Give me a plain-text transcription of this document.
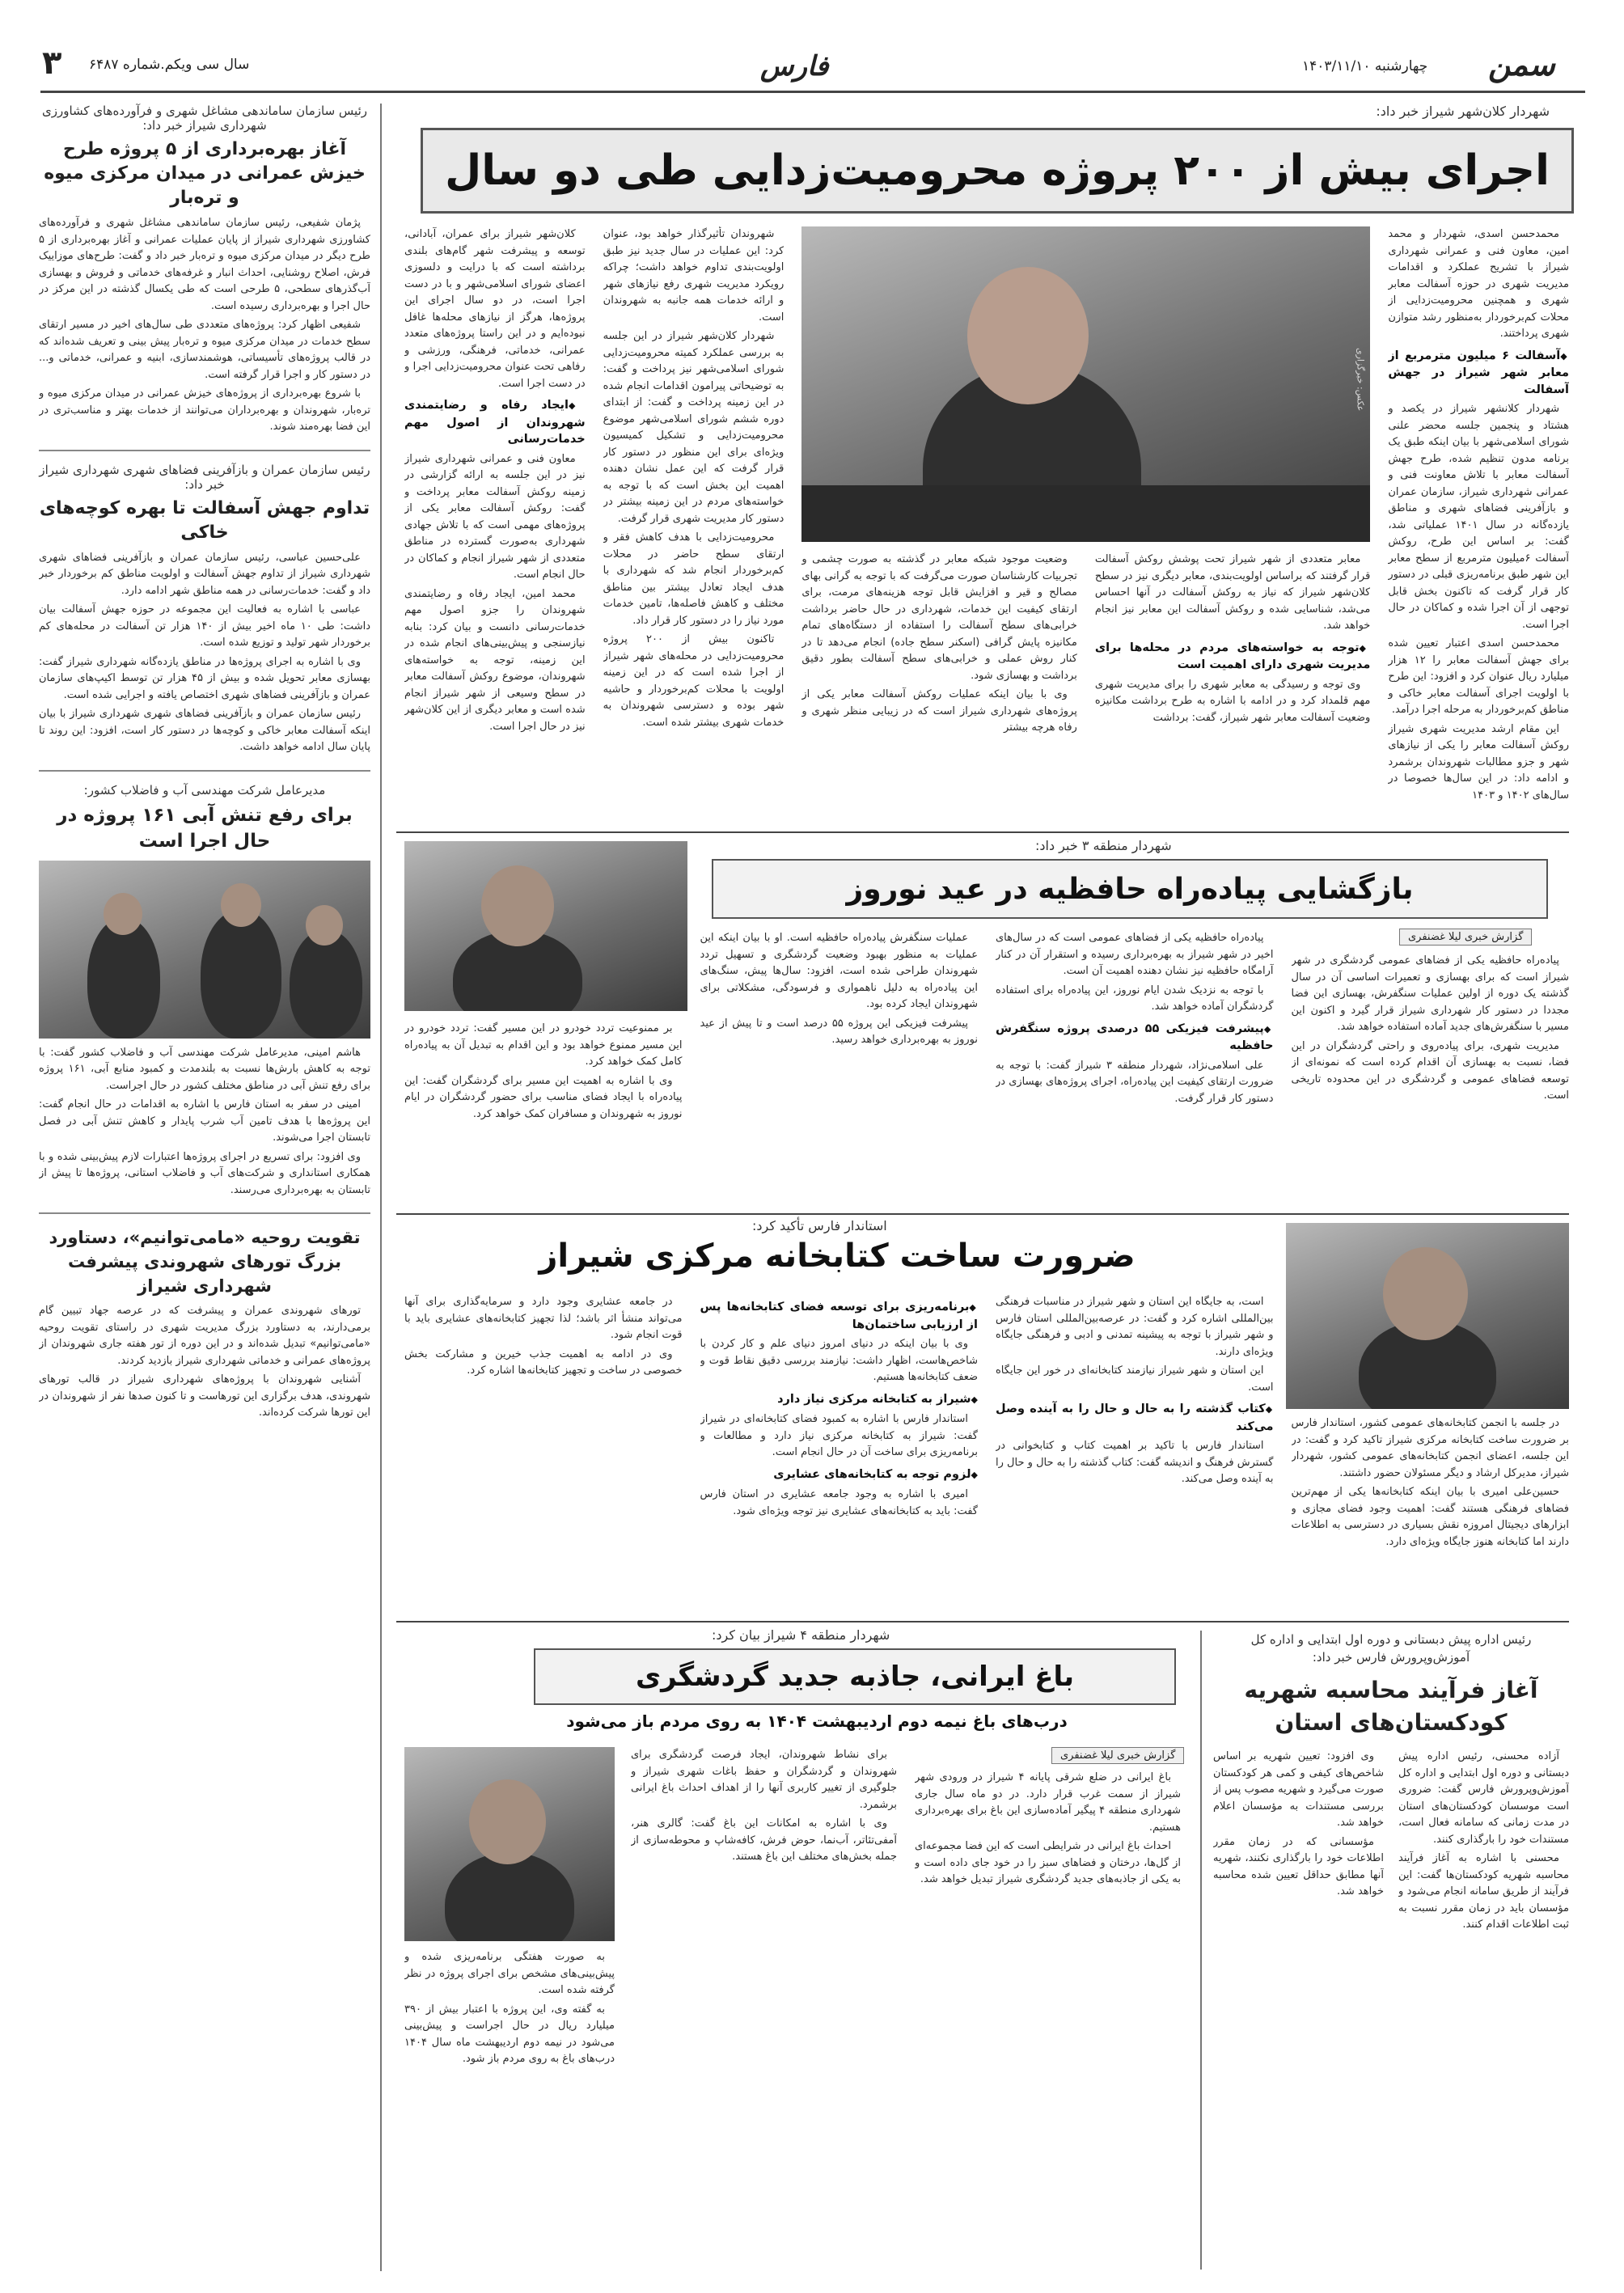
۳ سال سی ویکم.شماره ۶۴۸۷	فارس	سمن
چهارشنبه ۱۴۰۳/۱۱/۱۰
رئیس سازمان ساماندهی مشاغل شهری و فرآورده‌های کشاورزی شهرداری شیراز خبر داد:
آغاز بهره‌برداری از ۵ پروژه طرح خیزش عمرانی در میدان مرکزی میوه و تره‌بار

پژمان شفیعی، رئیس سازمان ساماندهی مشاغل شهری و فرآورده‌های کشاورزی شهرداری شیراز از پایان عملیات عمرانی و آغاز بهره‌برداری از ۵ طرح دیگر در میدان مرکزی میوه و تره‌بار خبر داد و گفت: طرح‌های موزاییک فرش، اصلاح روشنایی، احداث انبار و غرفه‌های خدماتی و فروش و بهسازی آب‌گذرهای سطحی، ۵ طرحی است که طی یکسال گذشته در این مرکز در حال اجرا و بهره‌برداری رسیده است.

شفیعی اظهار کرد: پروژه‌های متعددی طی سال‌های اخیر در مسیر ارتقای سطح خدمات در میدان مرکزی میوه و تره‌بار پیش بینی و تعریف شده‌اند که در قالب پروژه‌های تأسیساتی، هوشمندسازی، ابنیه و عمرانی، خدماتی و... در دستور کار و اجرا قرار گرفته است.

با شروع بهره‌برداری از پروژه‌های خیزش عمرانی در میدان مرکزی میوه و تره‌بار، شهروندان و بهره‌برداران می‌توانند از خدمات بهتر و مناسب‌تری در این فضا بهره‌مند شوند.

رئیس سازمان عمران و بازآفرینی فضاهای شهری شهرداری شیراز خبر داد:
تداوم جهش آسفالت تا بهره کوچه‌های خاکی

علی‌حسین عباسی، رئیس سازمان عمران و بازآفرینی فضاهای شهری شهرداری شیراز از تداوم جهش آسفالت و اولویت مناطق کم برخوردار خبر داد و گفت: خدمات‌رسانی در همه مناطق شهر ادامه دارد.

عباسی با اشاره به فعالیت این مجموعه در حوزه جهش آسفالت بیان داشت: طی ۱۰ ماه اخیر بیش از ۱۴۰ هزار تن آسفالت در محله‌های کم برخوردار شهر تولید و توزیع شده است.

وی با اشاره به اجرای پروژه‌ها در مناطق یازده‌گانه شهرداری شیراز گفت: بهسازی معابر تحویل شده و بیش از ۴۵ هزار تن توسط اکیپ‌های سازمان عمران و بازآفرینی فضاهای شهری اختصاص یافته و اجرایی شده است.

رئیس سازمان عمران و بازآفرینی فضاهای شهری شهرداری شیراز با بیان اینکه آسفالت معابر خاکی و کوچه‌ها در دستور کار است، افزود: این روند تا پایان سال ادامه خواهد داشت.

مدیرعامل شرکت مهندسی آب و فاضلاب کشور:
برای رفع تنش آبی ۱۶۱ پروژه در حال اجرا است

هاشم امینی، مدیرعامل شرکت مهندسی آب و فاضلاب کشور گفت: با توجه به کاهش بارش‌ها نسبت به بلندمدت و کمبود منابع آبی، ۱۶۱ پروژه برای رفع تنش آبی در مناطق مختلف کشور در حال اجراست.

امینی در سفر به استان فارس با اشاره به اقدامات در حال انجام گفت: این پروژه‌ها با هدف تامین آب شرب پایدار و کاهش تنش آبی در فصل تابستان اجرا می‌شوند.

وی افزود: برای تسریع در اجرای پروژه‌ها اعتبارات لازم پیش‌بینی شده و با همکاری استانداری و شرکت‌های آب و فاضلاب استانی، پروژه‌ها تا پیش از تابستان به بهره‌برداری می‌رسند.

تقویت روحیه «مامی‌توانیم»، دستاورد بزرگ تورهای شهروندی پیشرفت شهرداری شیراز

تورهای شهروندی عمران و پیشرفت که در عرصه جهاد تبیین گام برمی‌دارند، به دستاورد بزرگ مدیریت شهری در راستای تقویت روحیه «مامی‌توانیم» تبدیل شده‌اند و در این دوره از تور هفته جاری شهروندان از پروژه‌های عمرانی و خدماتی شهرداری شیراز بازدید کردند.

آشنایی شهروندان با پروژه‌های شهرداری شیراز در قالب تورهای شهروندی، هدف برگزاری این تورهاست و تا کنون صدها نفر از شهروندان در این تورها شرکت کرده‌اند.

شهردار کلان‌شهر شیراز خبر داد:
اجرای بیش از ۲۰۰ پروژه محرومیت‌زدایی طی دو سال

محمدحسن اسدی، شهردار و محمد امین، معاون فنی و عمرانی شهرداری شیراز با تشریح عملکرد و اقدامات مدیریت شهری در حوزه آسفالت معابر شهری و همچنین محرومیت‌زدایی از محلات کم‌برخوردار به‌منظور رشد متوازن شهری پرداختند.

◆ آسفالت ۶ میلیون مترمربع از معابر شهر شیراز در جهش آسفالت

شهردار کلانشهر شیراز در یکصد و هشتاد و پنجمین جلسه محضر علنی شورای اسلامی‌شهر با بیان اینکه طبق یک برنامه مدون تنظیم شده، طرح جهش آسفالت معابر با تلاش معاونت فنی و عمرانی شهرداری شیراز، سازمان عمران و بازآفرینی فضاهای شهری و مناطق یازده‌گانه در سال ۱۴۰۱ عملیاتی شد، گفت: بر اساس این طرح، روکش آسفالت ۶میلیون مترمربع از سطح معابر این شهر طبق برنامه‌ریزی قبلی در دستور کار قرار گرفت که تاکنون بخش قابل توجهی از آن اجرا شده و کماکان در حال اجرا است.

محمدحسن اسدی اعتبار تعیین شده برای جهش آسفالت معابر را ۱۲ هزار میلیارد ریال عنوان کرد و افزود: این طرح با اولویت اجرای آسفالت معابر خاکی و مناطق کم‌برخوردار به مرحله اجرا درآمد.

این مقام ارشد مدیریت شهری شیراز روکش آسفالت معابر را یکی از نیازهای شهر و جزو مطالبات شهروندان برشمرد و ادامه داد: در این سال‌ها خصوصا در سال‌های ۱۴۰۲ و ۱۴۰۳

عکس: خبرگزاری

معابر متعددی از شهر شیراز تحت پوشش روکش آسفالت قرار گرفتند که براساس اولویت‌بندی، معابر دیگری نیز در سطح کلان‌شهر شیراز که نیاز به روکش آسفالت در آنها احساس می‌شد، شناسایی شده و روکش آسفالت این معابر نیز انجام خواهد شد.

◆ توجه به خواسته‌های مردم در محله‌ها برای مدیریت شهری دارای اهمیت است

وی توجه و رسیدگی به معابر شهری را برای مدیریت شهری مهم قلمداد کرد و در ادامه با اشاره به طرح برداشت مکانیزه وضعیت آسفالت معابر شهر شیراز، گفت: برداشت

وضعیت موجود شبکه معابر در گذشته به صورت چشمی و تجربیات کارشناسان صورت می‌گرفت که با توجه به گرانی بهای مصالح و قیر و افزایش قابل توجه هزینه‌های مرمت، برای ارتقای کیفیت این خدمات، شهرداری در حال حاضر برداشت خرابی‌های سطح آسفالت را استفاده از دستگاه‌های تمام مکانیزه پایش گرافی (اسکنر سطح جاده) انجام می‌دهد تا در کنار روش عملی و خرابی‌های سطح آسفالت بطور دقیق برداشت و بهسازی شود.

وی با بیان اینکه عملیات روکش آسفالت معابر یکی از پروژه‌های شهرداری شیراز است که در زیبایی منظر شهری و رفاه هرچه بیشتر

شهروندان تأثیرگذار خواهد بود، عنوان کرد: این عملیات در سال جدید نیز طبق اولویت‌بندی تداوم خواهد داشت؛ چراکه رویکرد مدیریت شهری رفع نیازهای شهر و ارائه خدمات همه جانبه به شهروندان است.

شهردار کلان‌شهر شیراز در این جلسه به بررسی عملکرد کمیته محرومیت‌زدایی شورای اسلامی‌شهر نیز پرداخت و گفت: به توضیحاتی پیرامون اقدامات انجام شده در این زمینه پرداخت و گفت: از ابتدای دوره ششم شورای اسلامی‌شهر موضوع محرومیت‌زدایی و تشکیل کمیسیون ویژه‌ای برای این منظور در دستور کار قرار گرفت که این عمل نشان دهنده اهمیت این بخش است که با توجه به خواسته‌های مردم در این زمینه بیشتر در دستور کار مدیریت شهری قرار گرفت.

محرومیت‌زدایی با هدف کاهش فقر و ارتقای سطح حاضر در محلات کم‌برخوردار انجام شد که شهرداری با هدف ایجاد تعادل بیشتر بین مناطق مختلف و کاهش فاصله‌ها، تامین خدمات مورد نیاز را در دستور کار قرار داد.

تاکنون بیش از ۲۰۰ پروژه محرومیت‌زدایی در محله‌های شهر شیراز از اجرا شده است که در این زمینه اولویت با محلات کم‌برخوردار و حاشیه شهر بوده و دسترسی شهروندان به خدمات شهری بیشتر شده است.

کلان‌شهر شیراز برای عمران، آبادانی، توسعه و پیشرفت شهر گام‌های بلندی برداشته است که با درایت و دلسوزی اعضای شورای اسلامی‌شهر و با در دست اجرا است، در دو سال اجرای این پروژه‌ها، هرگز از نیازهای محله‌ها غافل نبوده‌ایم و در این راستا پروژه‌های متعدد عمرانی، خدماتی، فرهنگی، ورزشی و رفاهی تحت عنوان محرومیت‌زدایی اجرا و در دست اجرا است.

◆ ایجاد رفاه و رضایتمندی شهروندان از اصول مهم خدمات‌رسانی

معاون فنی و عمرانی شهرداری شیراز نیز در این جلسه به ارائه گزارشی در زمینه روکش آسفالت معابر پرداخت و گفت: روکش آسفالت معابر یکی از پروژه‌های مهمی است که با تلاش جهادی شهرداری به‌صورت گسترده در مناطق متعددی از شهر شیراز انجام و کماکان در حال انجام است.

محمد امین، ایجاد رفاه و رضایتمندی شهروندان را جزو اصول مهم خدمات‌رسانی دانست و بیان کرد: بنابه نیازسنجی و پیش‌بینی‌های انجام شده در این زمینه، توجه به خواسته‌های شهروندان، موضوع روکش آسفالت معابر در سطح وسیعی از شهر شیراز انجام شده است و معابر دیگری از این کلان‌شهر نیز در حال اجرا است.

شهردار منطقه ۳ خبر داد:
بازگشایی پیاده‌راه حافظیه در عید نوروز
گزارش خبری لیلا غضنفری

پیاده‌راه حافظیه یکی از فضاهای عمومی گردشگری در شهر شیراز است که برای بهسازی و تعمیرات اساسی آن در سال گذشته یک دوره از اولین عملیات سنگفرش، بهسازی این فضا مجددا در دستور کار شهرداری شیراز قرار گیرد و اکنون این مسیر با سنگفرش‌های جدید آماده استفاده خواهد شد.

مدیریت شهری، برای پیاده‌روی و راحتی گردشگران در این فضا، نسبت به بهسازی آن اقدام کرده است که نمونه‌ای از توسعه فضاهای عمومی و گردشگری در این محدوده تاریخی است.

پیاده‌راه حافظیه یکی از فضاهای عمومی است که در سال‌های اخیر در شهر شیراز به بهره‌برداری رسیده و استقرار آن در کنار آرامگاه حافظیه نیز نشان دهنده اهمیت آن است.

با توجه به نزدیک شدن ایام نوروز، این پیاده‌راه برای استفاده گردشگران آماده خواهد شد.

◆ پیشرفت فیزیکی ۵۵ درصدی پروژه سنگفرش حافظیه

علی اسلامی‌نژاد، شهردار منطقه ۳ شیراز گفت: با توجه به ضرورت ارتقای کیفیت این پیاده‌راه، اجرای پروژه‌های بهسازی در دستور کار قرار گرفت.

عملیات سنگفرش پیاده‌راه حافظیه است. او با بیان اینکه این عملیات به منظور بهبود وضعیت گردشگری و تسهیل تردد شهروندان طراحی شده است، افزود: سال‌ها پیش، سنگ‌های این پیاده‌راه به دلیل ناهمواری و فرسودگی، مشکلاتی برای شهروندان ایجاد کرده بود.

پیشرفت فیزیکی این پروژه ۵۵ درصد است و تا پیش از عید نوروز به بهره‌برداری خواهد رسید.

بر ممنوعیت تردد خودرو در این مسیر گفت: تردد خودرو در این مسیر ممنوع خواهد بود و این اقدام به تبدیل آن به پیاده‌راه کامل کمک خواهد کرد.

وی با اشاره به اهمیت این مسیر برای گردشگران گفت: این پیاده‌راه با ایجاد فضای مناسب برای حضور گردشگران در ایام نوروز به شهروندان و مسافران کمک خواهد کرد.

استاندار فارس تأکید کرد:
ضرورت ساخت کتابخانه مرکزی شیراز

در جلسه با انجمن کتابخانه‌های عمومی کشور، استاندار فارس بر ضرورت ساخت کتابخانه مرکزی شیراز تاکید کرد و گفت: در این جلسه، اعضای انجمن کتابخانه‌های عمومی کشور، شهردار شیراز، مدیرکل ارشاد و دیگر مسئولان حضور داشتند.

حسین‌علی امیری با بیان اینکه کتابخانه‌ها یکی از مهم‌ترین فضاهای فرهنگی هستند گفت: اهمیت وجود فضای مجازی و ابزارهای دیجیتال امروزه نقش بسیاری در دسترسی به اطلاعات دارند اما کتابخانه هنوز جایگاه ویژه‌ای دارد.

است، به جایگاه این استان و شهر شیراز در مناسبات فرهنگی بین‌المللی اشاره کرد و گفت: در عرصه‌بین‌المللی استان فارس و شهر شیراز با توجه به پیشینه تمدنی و ادبی و فرهنگی جایگاه ویژه‌ای دارند.

این استان و شهر شیراز نیازمند کتابخانه‌ای در خور این جایگاه است.

◆ کتاب گذشته را به حال و حال را به آینده وصل می‌کند

استاندار فارس با تاکید بر اهمیت کتاب و کتابخوانی در گسترش فرهنگ و اندیشه گفت: کتاب گذشته را به حال و حال را به آینده وصل می‌کند.

◆ برنامه‌ریزی برای توسعه فضای کتابخانه‌ها پس از ارزیابی ساختمان‌ها

وی با بیان اینکه در دنیای امروز دنیای علم و کار کردن با شاخص‌هاست، اظهار داشت: نیازمند بررسی دقیق نقاط قوت و ضعف کتابخانه‌ها هستیم.

◆ شیراز به کتابخانه مرکزی نیاز دارد

استاندار فارس با اشاره به کمبود فضای کتابخانه‌ای در شیراز گفت: شیراز به کتابخانه مرکزی نیاز دارد و مطالعات و برنامه‌ریزی برای ساخت آن در حال انجام است.

◆ لزوم توجه به کتابخانه‌های عشایری

امیری با اشاره به وجود جامعه عشایری در استان فارس گفت: باید به کتابخانه‌های عشایری نیز توجه ویژه‌ای شود.

در جامعه عشایری وجود دارد و سرمایه‌گذاری برای آنها می‌تواند منشأ اثر باشد؛ لذا تجهیز کتابخانه‌های عشایری باید با قوت انجام شود.

وی در ادامه به اهمیت جذب خیرین و مشارکت بخش خصوصی در ساخت و تجهیز کتابخانه‌ها اشاره کرد.

رئیس اداره پیش دبستانی و دوره اول ابتدایی و اداره کل آموزش‌وپرورش فارس خبر داد:
آغاز فرآیند محاسبه شهریه کودکستان‌های استان

آزاده محسنی، رئیس اداره پیش دبستانی و دوره اول ابتدایی و اداره کل آموزش‌وپرورش فارس گفت: ضروری است موسسان کودکستان‌های استان در مدت زمانی که سامانه فعال است، مستندات خود را بارگذاری کنند.

محسنی با اشاره به آغاز فرآیند محاسبه شهریه کودکستان‌ها گفت: این فرآیند از طریق سامانه انجام می‌شود و مؤسسان باید در زمان مقرر نسبت به ثبت اطلاعات اقدام کنند.

وی افزود: تعیین شهریه بر اساس شاخص‌های کیفی و کمی هر کودکستان صورت می‌گیرد و شهریه مصوب پس از بررسی مستندات به مؤسسان اعلام خواهد شد.

مؤسسانی که در زمان مقرر اطلاعات خود را بارگذاری نکنند، شهریه آنها مطابق حداقل تعیین شده محاسبه خواهد شد.

شهردار منطقه ۴ شیراز بیان کرد:
باغ ایرانی، جاذبه جدید گردشگری
درب‌های باغ نیمه دوم اردیبهشت ۱۴۰۴ به روی مردم باز می‌شود
گزارش خبری لیلا غضنفری

باغ ایرانی در ضلع شرقی پایانه ۴ شیراز در ورودی شهر شیراز از سمت غرب قرار دارد. در دو ماه سال جاری شهرداری منطقه ۴ پیگیر آماده‌سازی این باغ برای بهره‌برداری هستیم.

احداث باغ ایرانی در شرایطی است که این فضا مجموعه‌ای از گل‌ها، درختان و فضاهای سبز را در خود جای داده است و به یکی از جاذبه‌های جدید گردشگری شیراز تبدیل خواهد شد.

برای نشاط شهروندان، ایجاد فرصت گردشگری برای شهروندان و گردشگران و حفظ باغات شهری شیراز و جلوگیری از تغییر کاربری آنها را از اهداف احداث باغ ایرانی برشمرد.

وی با اشاره به امکانات این باغ گفت: گالری هنر، آمفی‌تئاتر، آب‌نما، حوض فرش، کافه‌شاپ و محوطه‌سازی از جمله بخش‌های مختلف این باغ هستند.

به صورت هفتگی برنامه‌ریزی شده و پیش‌بینی‌های مشخص برای اجرای پروژه در نظر گرفته شده است.

به گفته وی، این پروژه با اعتبار بیش از ۳۹۰ میلیارد ریال در حال اجراست و پیش‌بینی می‌شود در نیمه دوم اردیبهشت ماه سال ۱۴۰۴ درب‌های باغ به روی مردم باز شود.
